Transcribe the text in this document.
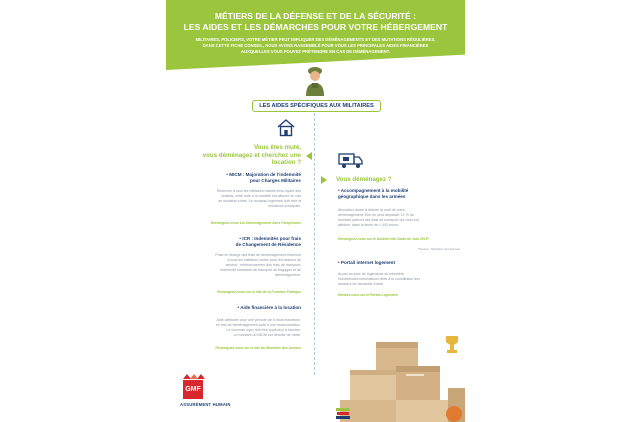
MÉTIERS DE LA DÉFENSE ET DE LA SÉCURITÉ :
LES AIDES ET LES DÉMARCHES POUR VOTRE HÉBERGEMENT
MILITAIRES, POLICIERS, VOTRE MÉTIER PEUT IMPLIQUER DES DÉMÉNAGEMENTS ET DES MUTATIONS RÉGULIÈRES.
DANS CETTE FICHE CONSEIL, NOUS AVONS RASSEMBLÉ POUR VOUS LES PRINCIPALES AIDES FINANCIÈRES
AUXQUELLES VOUS POUVEZ PRÉTENDRE EN CAS DE DÉMÉNAGEMENT.
LES AIDES SPÉCIFIQUES AUX MILITAIRES
Vous êtes muté,
vous déménagez et cherchez une
location ?
• MICM : Majoration de l’indemnité
pour Charges Militaires
Réservée à tous les militaires mariés et/ou ayant des
enfants, cette aide à la mobilité est allouée en cas
de mutation subie. Le nouveau logement doit être la
résidence principale.
Renseignez-vous sur Déménagement Sans Paraphrasér
• ICR : Indemnités pour frais
de Changement de Résidence
Prise en charge des frais de déménagement réservée
à tous les militaires mutés pour les besoins du
service : remboursement des frais de transport,
indemnité forfaitaire de transport de bagages et de
déménagement.
Renseignez-vous sur le site de la Fonction Publique
• Aide financière à la location
Aide attribuée pour une période de 6 mois maximum,
en cas de déménagement suite à une restructuration.
Le nouveau loyer doit être supérieur à l’ancien.
Le montant du MICM est déduite de l’aide.
Renseignez-vous sur le site du Ministère des Armées
Vous déménagez ?
• Accompagnement à la mobilité
géographique dans les armées
Allocation visant à réduire le coût de votre
déménagement. Elle ne peut dépasser 12 % du
montant plafond des frais de transport qui vous est
attribué, dans la limite de 1 400 euros.
Renseignez-vous sur le bulletin Info Solde de Juin 2019*
*Source : Ministère des Armées
• Portail internet logement
Accès au parc de logements du ministère.
Nombreuses informations liées à la constitution des
dossiers de demande d’aide.
Rendez-vous sur le Portail Logement
GMF
ASSURÉMENT HUMAIN
